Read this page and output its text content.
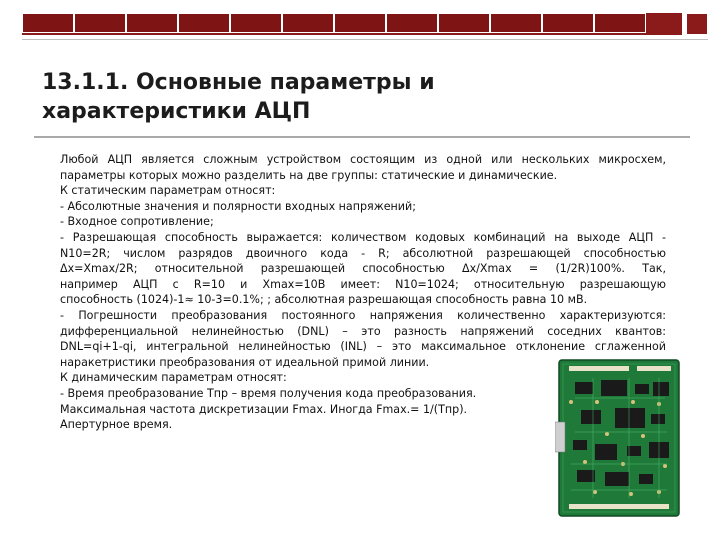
13.1.1. Основные параметры и
характеристики АЦП

Любой АЦП является сложным устройством состоящим из одной или нескольких микросхем,

параметры которых можно разделить на две группы: статические и динамические.

К статическим параметрам относят:

- Абсолютные значения и полярности входных напряжений;

- Входное сопротивление;

- Разрешающая способность выражается: количеством кодовых комбинаций на выходе АЦП -

N10=2R; числом разрядов двоичного кода - R; абсолютной разрешающей способностью

Δx=Xmax/2R; относительной разрешающей способностью Δx/Xmax = (1/2R)100%. Так,

например АЦП с R=10 и Xmax=10В имеет: N10=1024; относительную разрешающую

способность (1024)-1≈ 10-3=0.1%; ; абсолютная разрешающая способность равна 10 мВ.

- Погрешности преобразования постоянного напряжения количественно характеризуются:

дифференциальной нелинейностью (DNL) – это разность напряжений соседних квантов:

DNL=qi+1-qi, интегральной нелинейностью (INL) – это максимальное отклонение сглаженной

наракетристики преобразования от идеальной примой линии.

К динамическим параметрам относят:

- Время преобразование Tпр – время получения кода преобразования.

Максимальная частота дискретизации Fmax. Иногда Fmax.= 1/(Tпр).

Апертурное время.
